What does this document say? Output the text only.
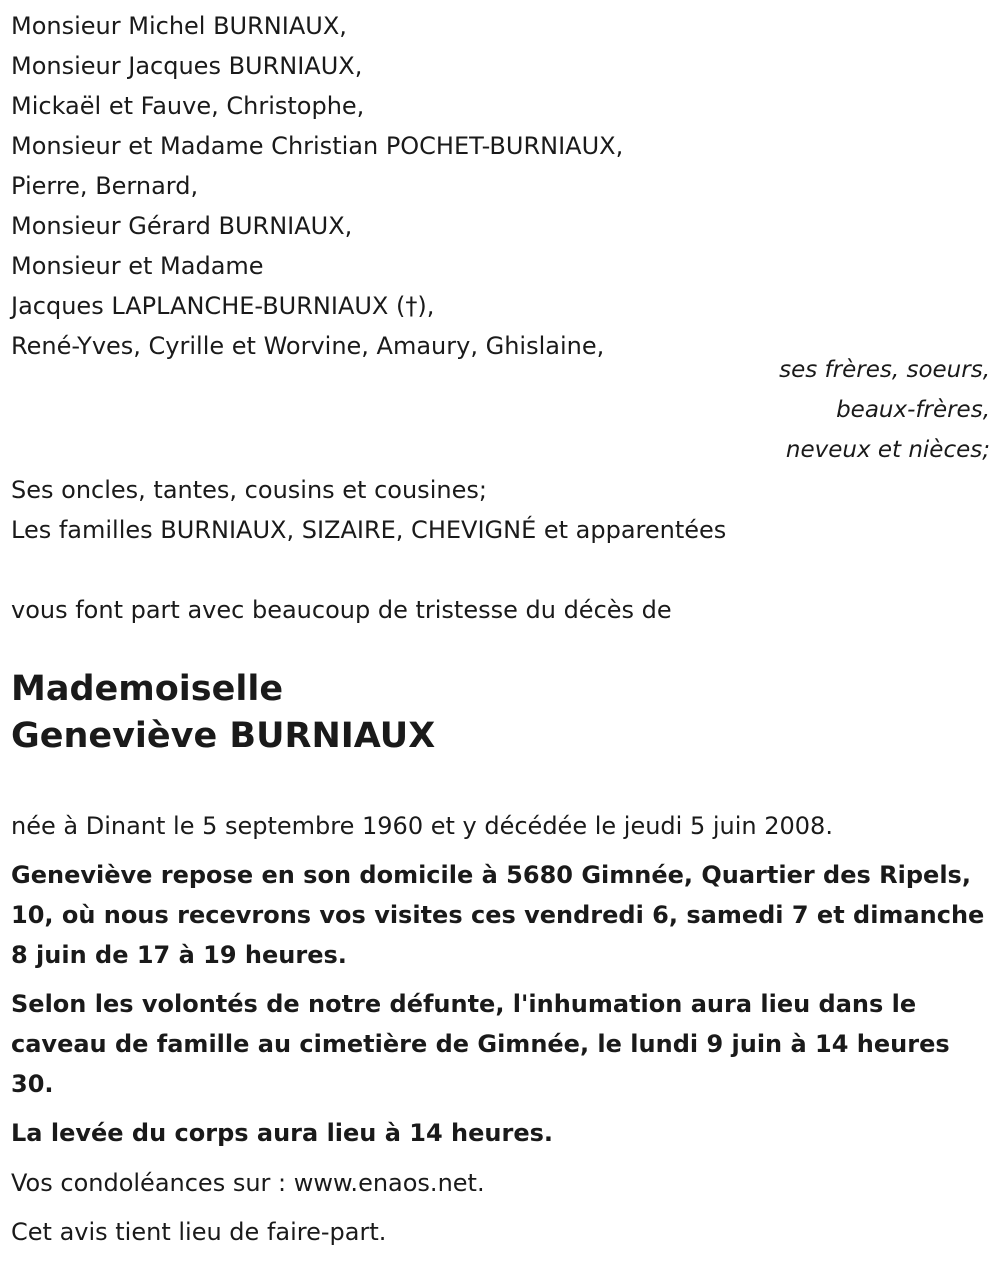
Monsieur Michel BURNIAUX,
Monsieur Jacques BURNIAUX,
Mickaël et Fauve, Christophe,
Monsieur et Madame Christian POCHET-BURNIAUX,
Pierre, Bernard,
Monsieur Gérard BURNIAUX,
Monsieur et Madame
Jacques LAPLANCHE-BURNIAUX (†),
René-Yves, Cyrille et Worvine, Amaury, Ghislaine,
ses frères, soeurs,
beaux-frères,
neveux et nièces;
Ses oncles, tantes, cousins et cousines;
Les familles BURNIAUX, SIZAIRE, CHEVIGNÉ et apparentées
vous font part avec beaucoup de tristesse du décès de
Mademoiselle
Geneviève BURNIAUX
née à Dinant le 5 septembre 1960 et y décédée le jeudi 5 juin 2008.
Geneviève repose en son domicile à 5680 Gimnée, Quartier des Ripels, 10, où nous recevrons vos visites ces vendredi 6, samedi 7 et dimanche 8 juin de 17 à 19 heures.
Selon les volontés de notre défunte, l'inhumation aura lieu dans le caveau de famille au cimetière de Gimnée, le lundi 9 juin à 14 heures 30.
La levée du corps aura lieu à 14 heures.
Vos condoléances sur : www.enaos.net.
Cet avis tient lieu de faire-part.
